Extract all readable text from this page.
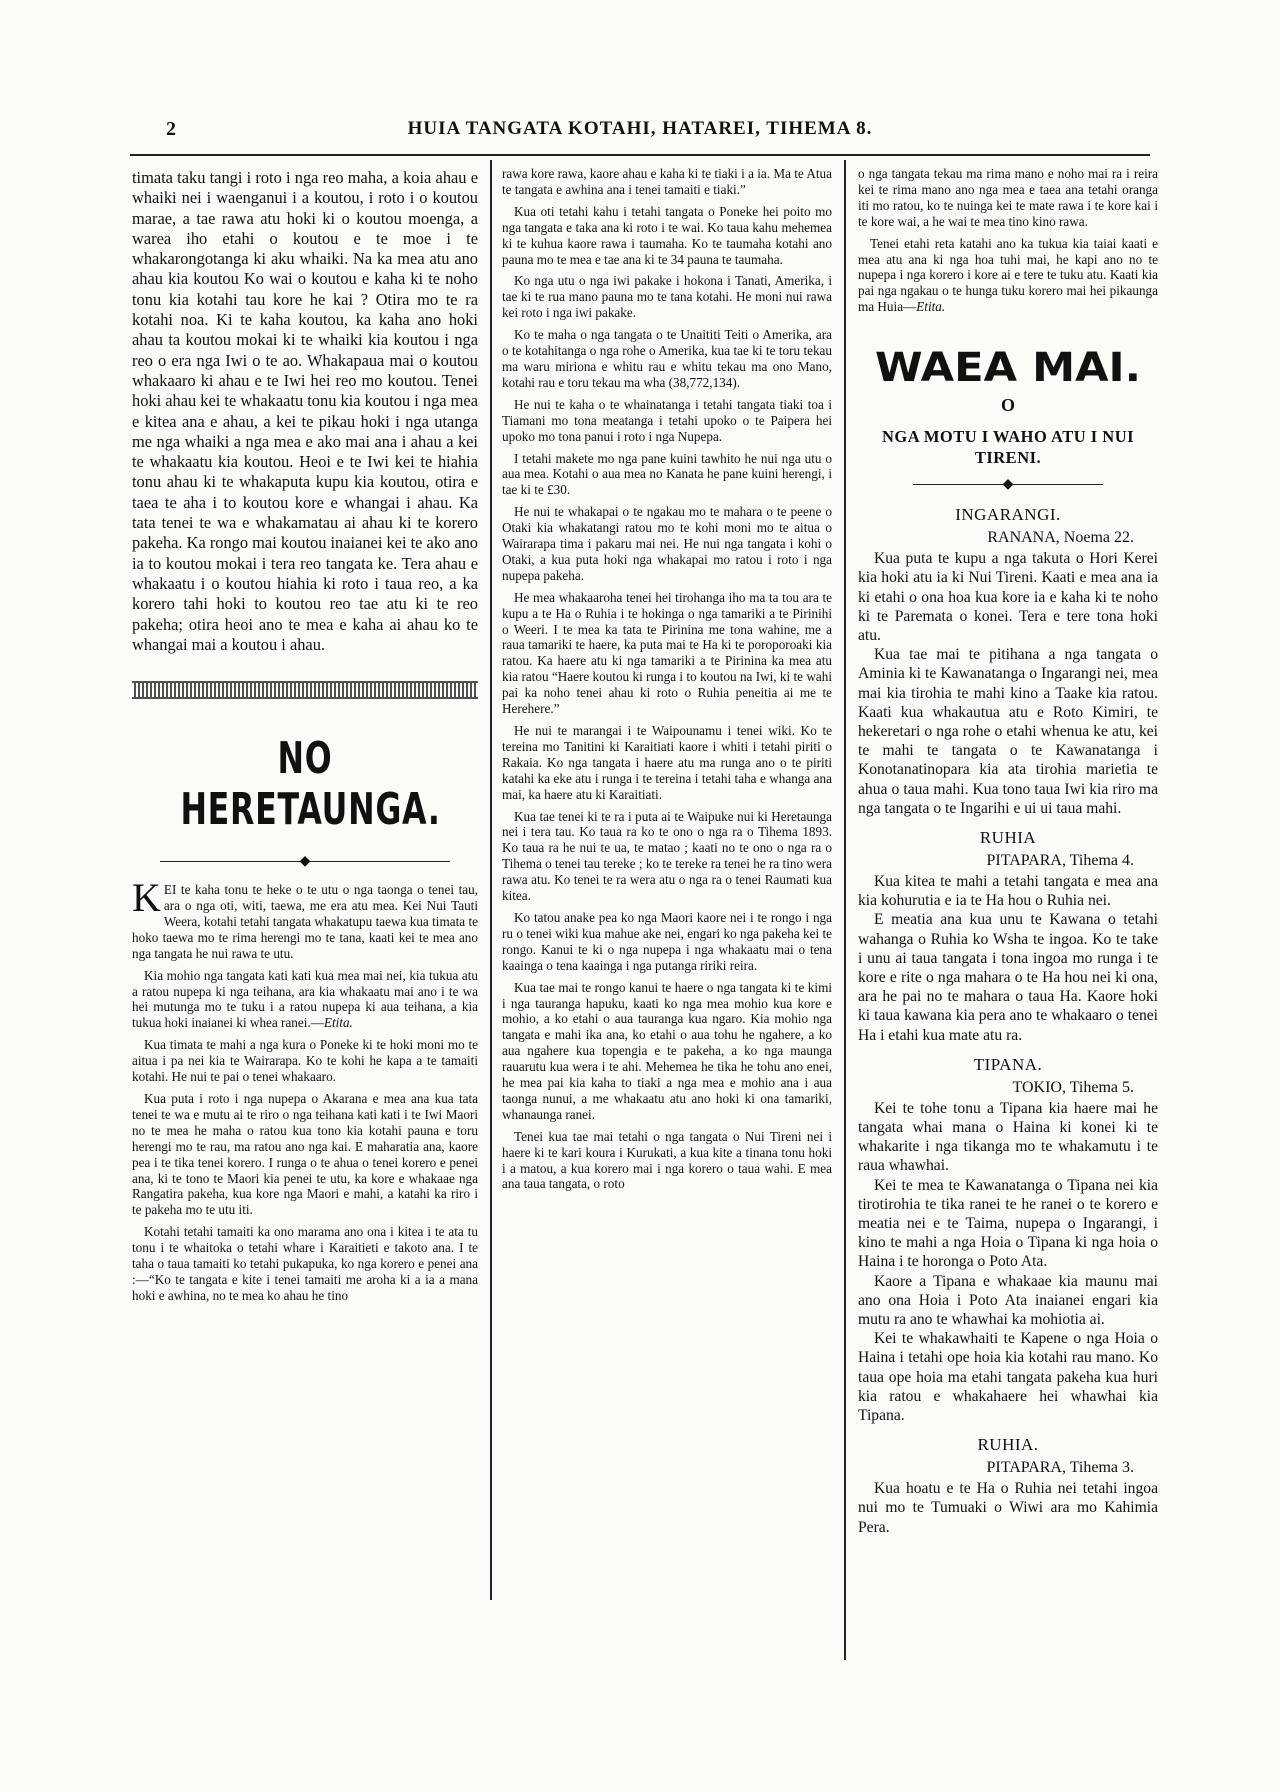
2	HUIA TANGATA KOTAHI, HATAREI, TIHEMA 8.

timata taku tangi i roto i nga reo maha, a koia ahau e whaiki nei i waenganui i a koutou, i roto i o koutou marae, a tae rawa atu hoki ki o koutou moenga, a warea iho etahi o koutou e te moe i te whakarongotanga ki aku whaiki. Na ka mea atu ano ahau kia koutou Ko wai o koutou e kaha ki te noho tonu kia kotahi tau kore he kai ? Otira mo te ra kotahi noa. Ki te kaha koutou, ka kaha ano hoki ahau ta koutou mokai ki te whaiki kia koutou i nga reo o era nga Iwi o te ao. Whakapaua mai o koutou whakaaro ki ahau e te Iwi hei reo mo koutou. Tenei hoki ahau kei te whakaatu tonu kia koutou i nga mea e kitea ana e ahau, a kei te pikau hoki i nga utanga me nga whaiki a nga mea e ako mai ana i ahau a kei te whakaatu kia koutou. Heoi e te Iwi kei te hiahia tonu ahau ki te whakaputa kupu kia koutou, otira e taea te aha i to koutou kore e whangai i ahau. Ka tata tenei te wa e whakamatau ai ahau ki te korero pakeha. Ka rongo mai koutou inaianei kei te ako ano ia to koutou mokai i tera reo tangata ke. Tera ahau e whakaatu i o koutou hiahia ki roto i taua reo, a ka korero tahi hoki to koutou reo tae atu ki te reo pakeha; otira heoi ano te mea e kaha ai ahau ko te whangai mai a koutou i ahau.

NO HERETAUNGA.
◆

KEI te kaha tonu te heke o te utu o nga taonga o tenei tau, ara o nga oti, witi, taewa, me era atu mea. Kei Nui Tauti Weera, kotahi tetahi tangata whakatupu taewa kua timata te hoko taewa mo te rima herengi mo te tana, kaati kei te mea ano nga tangata he nui rawa te utu.

Kia mohio nga tangata kati kati kua mea mai nei, kia tukua atu a ratou nupepa ki nga teihana, ara kia whakaatu mai ano i te wa hei mutunga mo te tuku i a ratou nupepa ki aua teihana, a kia tukua hoki inaianei ki whea ranei.—Etita.

Kua timata te mahi a nga kura o Poneke ki te hoki moni mo te aitua i pa nei kia te Wairarapa. Ko te kohi he kapa a te tamaiti kotahi. He nui te pai o tenei whakaaro.

Kua puta i roto i nga nupepa o Akarana e mea ana kua tata tenei te wa e mutu ai te riro o nga teihana kati kati i te Iwi Maori no te mea he maha o ratou kua tono kia kotahi pauna e toru herengi mo te rau, ma ratou ano nga kai. E maharatia ana, kaore pea i te tika tenei korero. I runga o te ahua o tenei korero e penei ana, ki te tono te Maori kia penei te utu, ka kore e whakaae nga Rangatira pakeha, kua kore nga Maori e mahi, a katahi ka riro i te pakeha mo te utu iti.

Kotahi tetahi tamaiti ka ono marama ano ona i kitea i te ata tu tonu i te whaitoka o tetahi whare i Karaitieti e takoto ana. I te taha o taua tamaiti ko tetahi pukapuka, ko nga korero e penei ana :—“Ko te tangata e kite i tenei tamaiti me aroha ki a ia a mana hoki e awhina, no te mea ko ahau he tino

rawa kore rawa, kaore ahau e kaha ki te tiaki i a ia. Ma te Atua te tangata e awhina ana i tenei tamaiti e tiaki.”

Kua oti tetahi kahu i tetahi tangata o Poneke hei poito mo nga tangata e taka ana ki roto i te wai. Ko taua kahu mehemea ki te kuhua kaore rawa i taumaha. Ko te taumaha kotahi ano pauna mo te mea e tae ana ki te 34 pauna te taumaha.

Ko nga utu o nga iwi pakake i hokona i Tanati, Amerika, i tae ki te rua mano pauna mo te tana kotahi. He moni nui rawa kei roto i nga iwi pakake.

Ko te maha o nga tangata o te Unaititi Teiti o Amerika, ara o te kotahitanga o nga rohe o Amerika, kua tae ki te toru tekau ma waru miriona e whitu rau e whitu tekau ma ono Mano, kotahi rau e toru tekau ma wha (38,772,134).

He nui te kaha o te whainatanga i tetahi tangata tiaki toa i Tiamani mo tona meatanga i tetahi upoko o te Paipera hei upoko mo tona panui i roto i nga Nupepa.

I tetahi makete mo nga pane kuini tawhito he nui nga utu o aua mea. Kotahi o aua mea no Kanata he pane kuini herengi, i tae ki te £30.

He nui te whakapai o te ngakau mo te mahara o te peene o Otaki kia whakatangi ratou mo te kohi moni mo te aitua o Wairarapa tima i pakaru mai nei. He nui nga tangata i kohi o Otaki, a kua puta hoki nga whakapai mo ratou i roto i nga nupepa pakeha.

He mea whakaaroha tenei hei tirohanga iho ma ta tou ara te kupu a te Ha o Ruhia i te hokinga o nga tamariki a te Pirinihi o Weeri. I te mea ka tata te Pirinina me tona wahine, me a raua tamariki te haere, ka puta mai te Ha ki te poroporoaki kia ratou. Ka haere atu ki nga tamariki a te Pirinina ka mea atu kia ratou “Haere koutou ki runga i to koutou na Iwi, ki te wahi pai ka noho tenei ahau ki roto o Ruhia peneitia ai me te Herehere.”

He nui te marangai i te Waipounamu i tenei wiki. Ko te tereina mo Tanitini ki Karaitiati kaore i whiti i tetahi piriti o Rakaia. Ko nga tangata i haere atu ma runga ano o te piriti katahi ka eke atu i runga i te tereina i tetahi taha e whanga ana mai, ka haere atu ki Karaitiati.

Kua tae tenei ki te ra i puta ai te Waipuke nui ki Heretaunga nei i tera tau. Ko taua ra ko te ono o nga ra o Tihema 1893. Ko taua ra he nui te ua, te matao ; kaati no te ono o nga ra o Tihema o tenei tau tereke ; ko te tereke ra tenei he ra tino wera rawa atu. Ko tenei te ra wera atu o nga ra o tenei Raumati kua kitea.

Ko tatou anake pea ko nga Maori kaore nei i te rongo i nga ru o tenei wiki kua mahue ake nei, engari ko nga pakeha kei te rongo. Kanui te ki o nga nupepa i nga whakaatu mai o tena kaainga o tena kaainga i nga putanga ririki reira.

Kua tae mai te rongo kanui te haere o nga tangata ki te kimi i nga tauranga hapuku, kaati ko nga mea mohio kua kore e mohio, a ko etahi o aua tauranga kua ngaro. Kia mohio nga tangata e mahi ika ana, ko etahi o aua tohu he ngahere, a ko aua ngahere kua topengia e te pakeha, a ko nga maunga rauarutu kua wera i te ahi. Mehemea he tika he tohu ano enei, he mea pai kia kaha to tiaki a nga mea e mohio ana i aua taonga nunui, a me whakaatu atu ano hoki ki ona tamariki, whanaunga ranei.

Tenei kua tae mai tetahi o nga tangata o Nui Tireni nei i haere ki te kari koura i Kurukati, a kua kite a tinana tonu hoki i a matou, a kua korero mai i nga korero o taua wahi. E mea ana taua tangata, o roto

o nga tangata tekau ma rima mano e noho mai ra i reira kei te rima mano ano nga mea e taea ana tetahi oranga iti mo ratou, ko te nuinga kei te mate rawa i te kore kai i te kore wai, a he wai te mea tino kino rawa.

Tenei etahi reta katahi ano ka tukua kia taiai kaati e mea atu ana ki nga hoa tuhi mai, he kapi ano no te nupepa i nga korero i kore ai e tere te tuku atu. Kaati kia pai nga ngakau o te hunga tuku korero mai hei pikaunga ma Huia—Etita.

WAEA MAI.
O

NGA MOTU I WAHO ATU I NUI TIRENI.

◆
INGARANGI.
RANANA, Noema 22.

Kua puta te kupu a nga takuta o Hori Kerei kia hoki atu ia ki Nui Tireni. Kaati e mea ana ia ki etahi o ona hoa kua kore ia e kaha ki te noho ki te Paremata o konei. Tera e tere tona hoki atu.

Kua tae mai te pitihana a nga tangata o Aminia ki te Kawanatanga o Ingarangi nei, mea mai kia tirohia te mahi kino a Taake kia ratou. Kaati kua whakautua atu e Roto Kimiri, te hekeretari o nga rohe o etahi whenua ke atu, kei te mahi te tangata o te Kawanatanga i Konotanatinopara kia ata tirohia marietia te ahua o taua mahi. Kua tono taua Iwi kia riro ma nga tangata o te Ingarihi e ui ui taua mahi.

RUHIA
PITAPARA, Tihema 4.

Kua kitea te mahi a tetahi tangata e mea ana kia kohurutia e ia te Ha hou o Ruhia nei.

E meatia ana kua unu te Kawana o tetahi wahanga o Ruhia ko Wsha te ingoa. Ko te take i unu ai taua tangata i tona ingoa mo runga i te kore e rite o nga mahara o te Ha hou nei ki ona, ara he pai no te mahara o taua Ha. Kaore hoki ki taua kawana kia pera ano te whakaaro o tenei Ha i etahi kua mate atu ra.

TIPANA.
TOKIO, Tihema 5.

Kei te tohe tonu a Tipana kia haere mai he tangata whai mana o Haina ki konei ki te whakarite i nga tikanga mo te whakamutu i te raua whawhai.

Kei te mea te Kawanatanga o Tipana nei kia tirotirohia te tika ranei te he ranei o te korero e meatia nei e te Taima, nupepa o Ingarangi, i kino te mahi a nga Hoia o Tipana ki nga hoia o Haina i te horonga o Poto Ata.

Kaore a Tipana e whakaae kia maunu mai ano ona Hoia i Poto Ata inaianei engari kia mutu ra ano te whawhai ka mohiotia ai.

Kei te whakawhaiti te Kapene o nga Hoia o Haina i tetahi ope hoia kia kotahi rau mano. Ko taua ope hoia ma etahi tangata pakeha kua huri kia ratou e whakahaere hei whawhai kia Tipana.

RUHIA.
PITAPARA, Tihema 3.

Kua hoatu e te Ha o Ruhia nei tetahi ingoa nui mo te Tumuaki o Wiwi ara mo Kahimia Pera.
